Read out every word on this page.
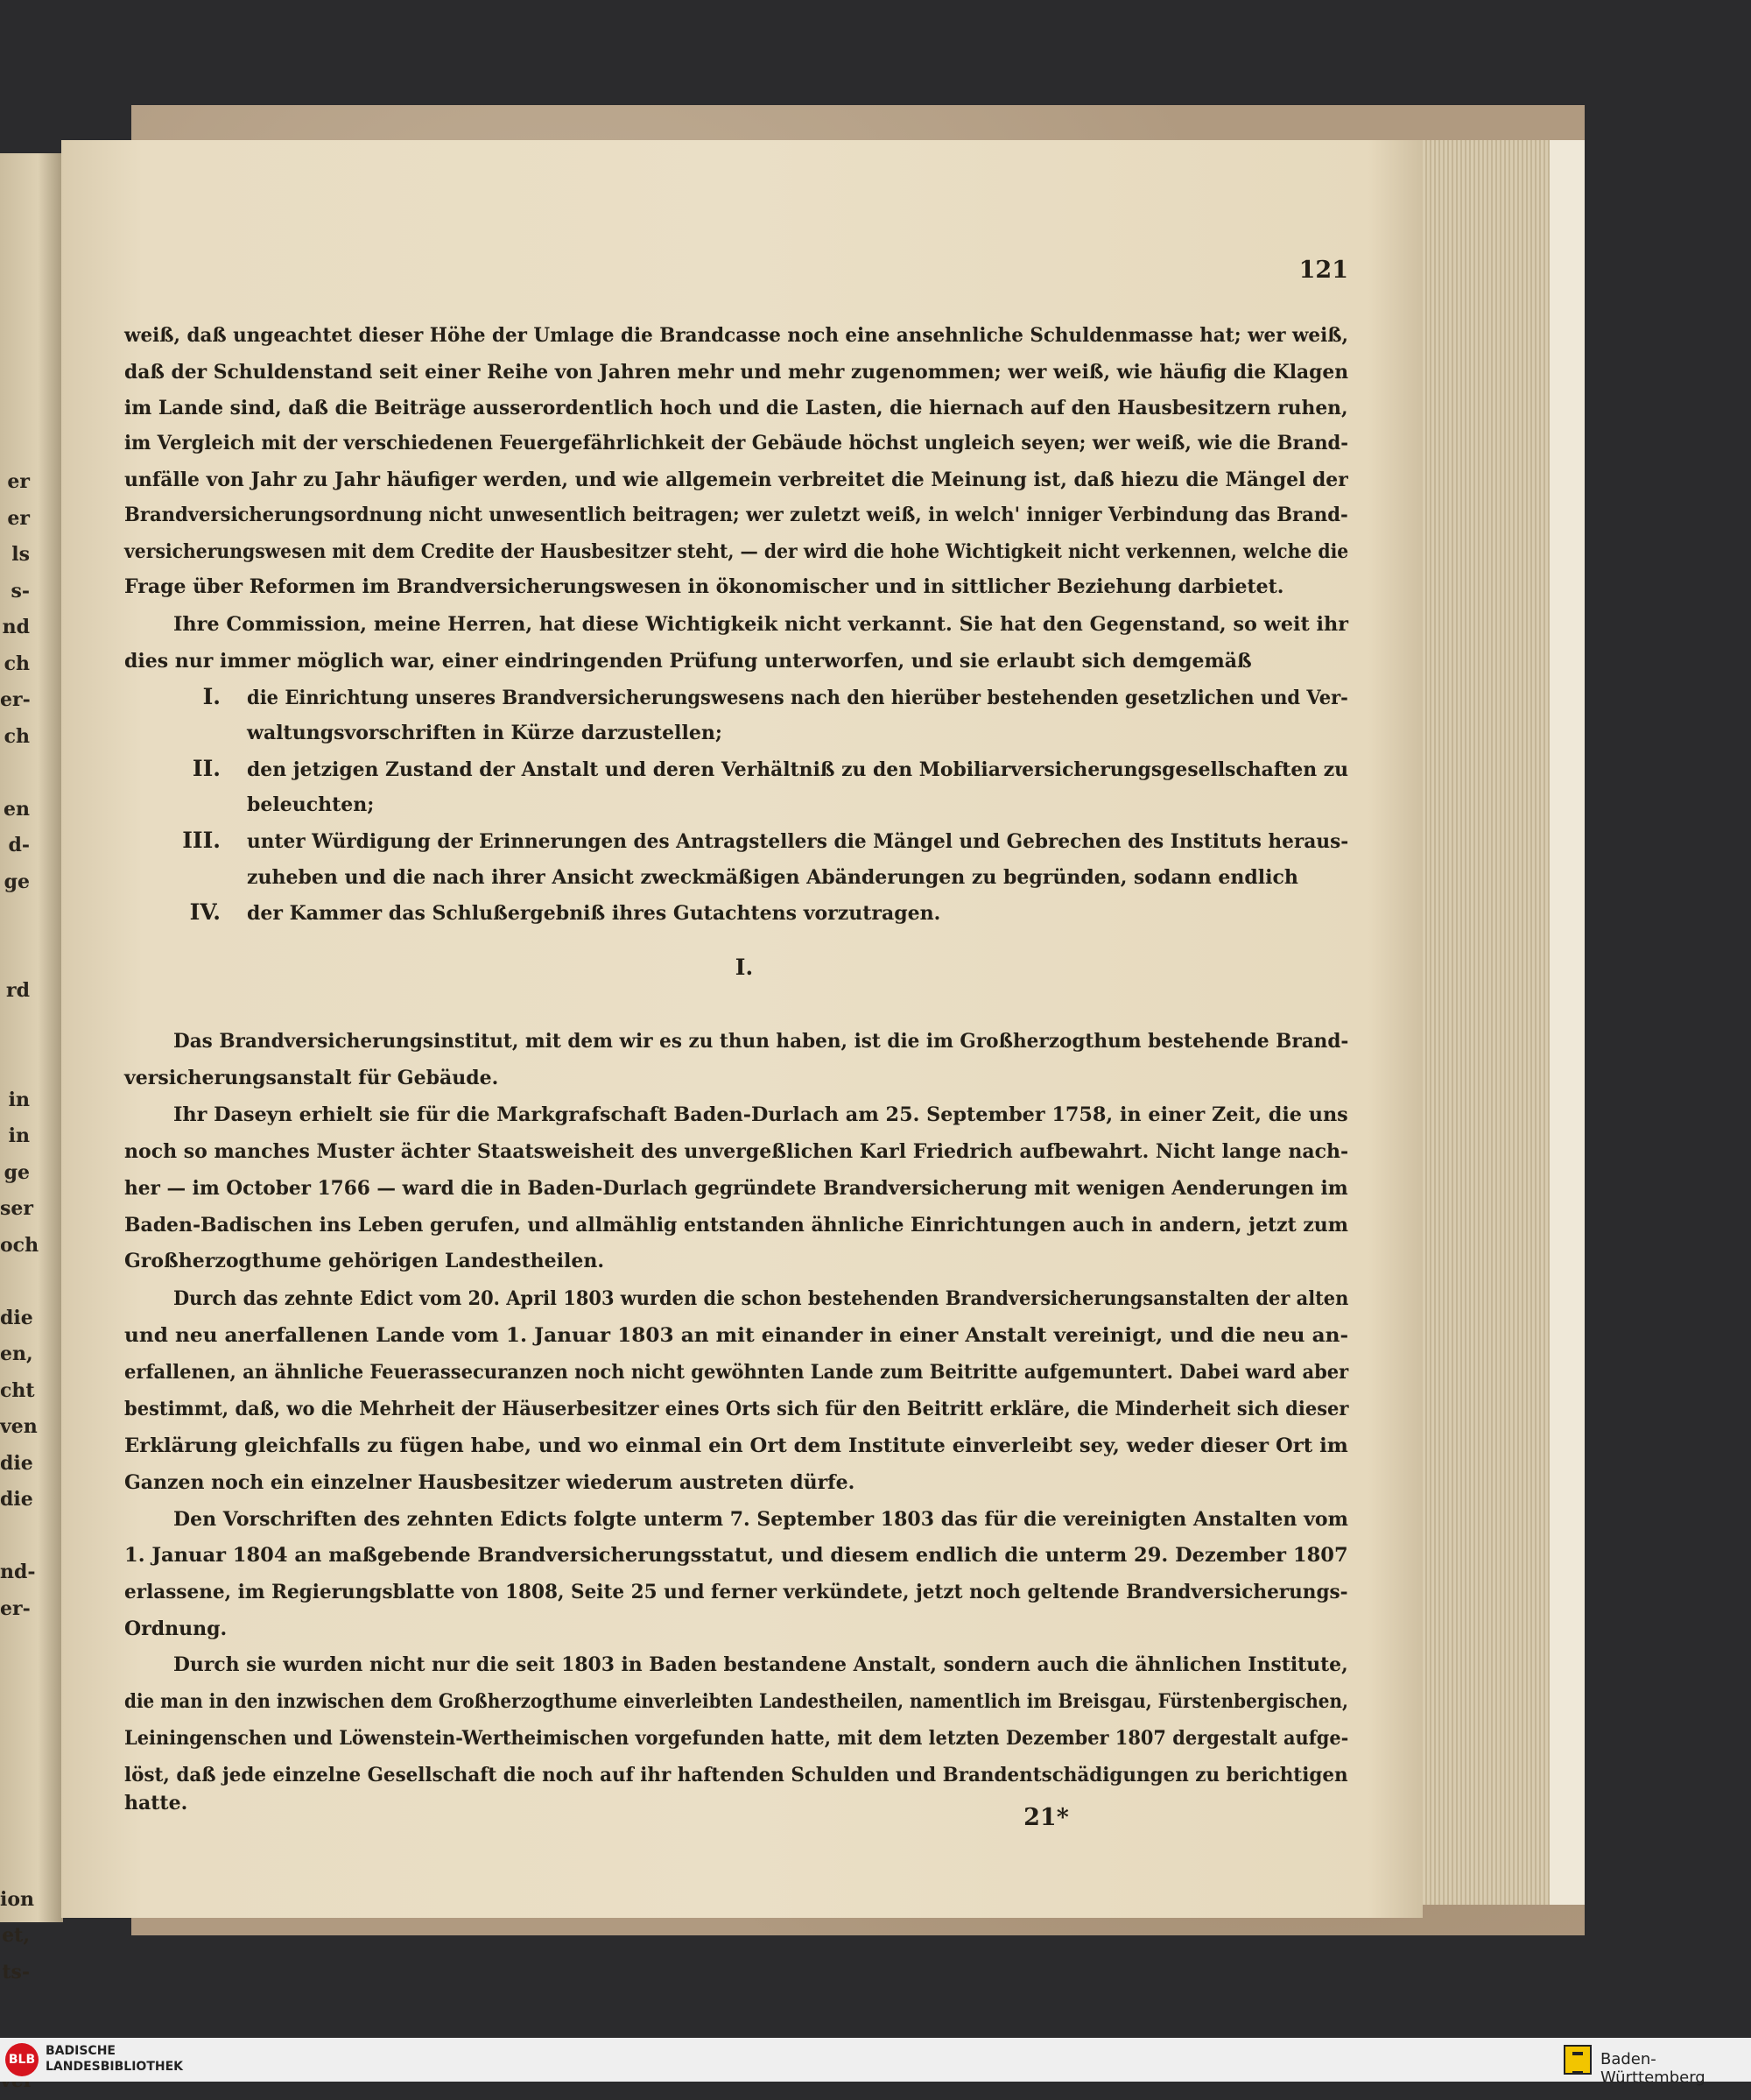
er
er
ls
s-
nd
ch
er-
ch
en
d-
ge
rd
in
in
ge
ser
och
die
en,
cht
ven
die
die
nd-
er-
ion
et,
ts-
121
weiß, daß ungeachtet dieser Höhe der Umlage die Brandcasse noch eine ansehnliche Schuldenmasse hat; wer weiß,
daß der Schuldenstand seit einer Reihe von Jahren mehr und mehr zugenommen; wer weiß, wie häufig die Klagen
im Lande sind, daß die Beiträge ausserordentlich hoch und die Lasten, die hiernach auf den Hausbesitzern ruhen,
im Vergleich mit der verschiedenen Feuergefährlichkeit der Gebäude höchst ungleich seyen; wer weiß, wie die Brand-
unfälle von Jahr zu Jahr häufiger werden, und wie allgemein verbreitet die Meinung ist, daß hiezu die Mängel der
Brandversicherungsordnung nicht unwesentlich beitragen; wer zuletzt weiß, in welch' inniger Verbindung das Brand-
versicherungswesen mit dem Credite der Hausbesitzer steht, — der wird die hohe Wichtigkeit nicht verkennen, welche die
Frage über Reformen im Brandversicherungswesen in ökonomischer und in sittlicher Beziehung darbietet.
Ihre Commission, meine Herren, hat diese Wichtigkeik nicht verkannt. Sie hat den Gegenstand, so weit ihr
dies nur immer möglich war, einer eindringenden Prüfung unterworfen, und sie erlaubt sich demgemäß
die Einrichtung unseres Brandversicherungswesens nach den hierüber bestehenden gesetzlichen und Ver-
I.
waltungsvorschriften in Kürze darzustellen;
den jetzigen Zustand der Anstalt und deren Verhältniß zu den Mobiliarversicherungsgesellschaften zu
II.
beleuchten;
unter Würdigung der Erinnerungen des Antragstellers die Mängel und Gebrechen des Instituts heraus-
III.
zuheben und die nach ihrer Ansicht zweckmäßigen Abänderungen zu begründen, sodann endlich
der Kammer das Schlußergebniß ihres Gutachtens vorzutragen.
IV.
Das Brandversicherungsinstitut, mit dem wir es zu thun haben, ist die im Großherzogthum bestehende Brand-
versicherungsanstalt für Gebäude.
Ihr Daseyn erhielt sie für die Markgrafschaft Baden-Durlach am 25. September 1758, in einer Zeit, die uns
noch so manches Muster ächter Staatsweisheit des unvergeßlichen Karl Friedrich aufbewahrt. Nicht lange nach-
her — im October 1766 — ward die in Baden-Durlach gegründete Brandversicherung mit wenigen Aenderungen im
Baden-Badischen ins Leben gerufen, und allmählig entstanden ähnliche Einrichtungen auch in andern, jetzt zum
Großherzogthume gehörigen Landestheilen.
Durch das zehnte Edict vom 20. April 1803 wurden die schon bestehenden Brandversicherungsanstalten der alten
und neu anerfallenen Lande vom 1. Januar 1803 an mit einander in einer Anstalt vereinigt, und die neu an-
erfallenen, an ähnliche Feuerassecuranzen noch nicht gewöhnten Lande zum Beitritte aufgemuntert. Dabei ward aber
bestimmt, daß, wo die Mehrheit der Häuserbesitzer eines Orts sich für den Beitritt erkläre, die Minderheit sich dieser
Erklärung gleichfalls zu fügen habe, und wo einmal ein Ort dem Institute einverleibt sey, weder dieser Ort im
Ganzen noch ein einzelner Hausbesitzer wiederum austreten dürfe.
Den Vorschriften des zehnten Edicts folgte unterm 7. September 1803 das für die vereinigten Anstalten vom
1. Januar 1804 an maßgebende Brandversicherungsstatut, und diesem endlich die unterm 29. Dezember 1807
erlassene, im Regierungsblatte von 1808, Seite 25 und ferner verkündete, jetzt noch geltende Brandversicherungs-
Ordnung.
Durch sie wurden nicht nur die seit 1803 in Baden bestandene Anstalt, sondern auch die ähnlichen Institute,
die man in den inzwischen dem Großherzogthume einverleibten Landestheilen, namentlich im Breisgau, Fürstenbergischen,
Leiningenschen und Löwenstein-Wertheimischen vorgefunden hatte, mit dem letzten Dezember 1807 dergestalt aufge-
löst, daß jede einzelne Gesellschaft die noch auf ihr haftenden Schulden und Brandentschädigungen zu berichtigen
hatte.
I.
21*
BLB
BADISCHE
LANDESBIBLIOTHEK	Baden-Württemberg
